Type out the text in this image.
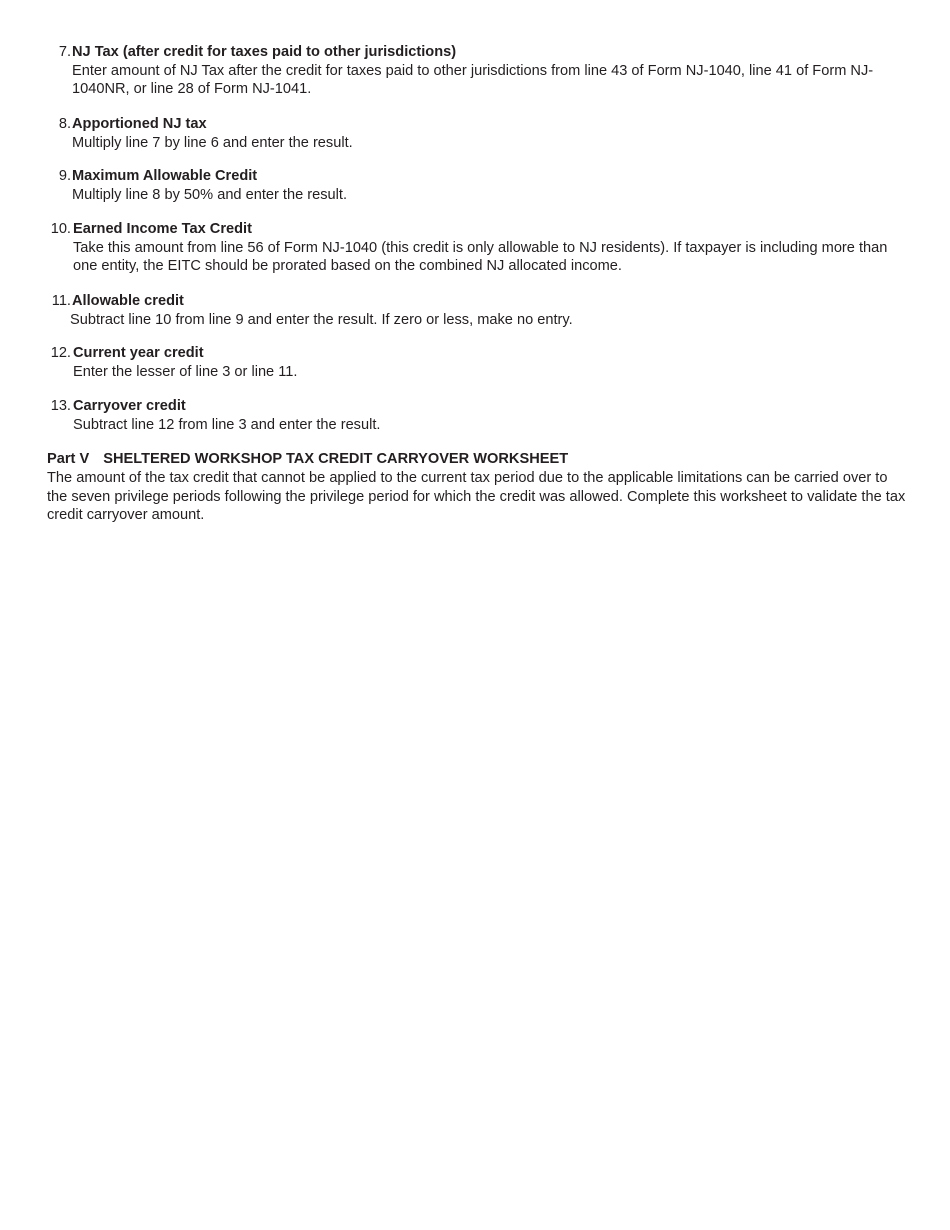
7. NJ Tax (after credit for taxes paid to other jurisdictions)
Enter amount of NJ Tax after the credit for taxes paid to other jurisdictions from line 43 of Form NJ-1040, line 41 of Form NJ-1040NR, or line 28 of Form NJ-1041.
8. Apportioned NJ tax
Multiply line 7 by line 6 and enter the result.
9. Maximum Allowable Credit
Multiply line 8 by 50% and enter the result.
10. Earned Income Tax Credit
Take this amount from line 56 of Form NJ-1040 (this credit is only allowable to NJ residents). If taxpayer is including more than one entity, the EITC should be prorated based on the combined NJ allocated income.
11. Allowable credit
Subtract line 10 from line 9 and enter the result. If zero or less, make no entry.
12. Current year credit
Enter the lesser of line 3 or line 11.
13. Carryover credit
Subtract line 12 from line 3 and enter the result.
Part V SHELTERED WORKSHOP TAX CREDIT CARRYOVER WORKSHEET
The amount of the tax credit that cannot be applied to the current tax period due to the applicable limitations can be carried over to the seven privilege periods following the privilege period for which the credit was allowed. Complete this worksheet to validate the tax credit carryover amount.
